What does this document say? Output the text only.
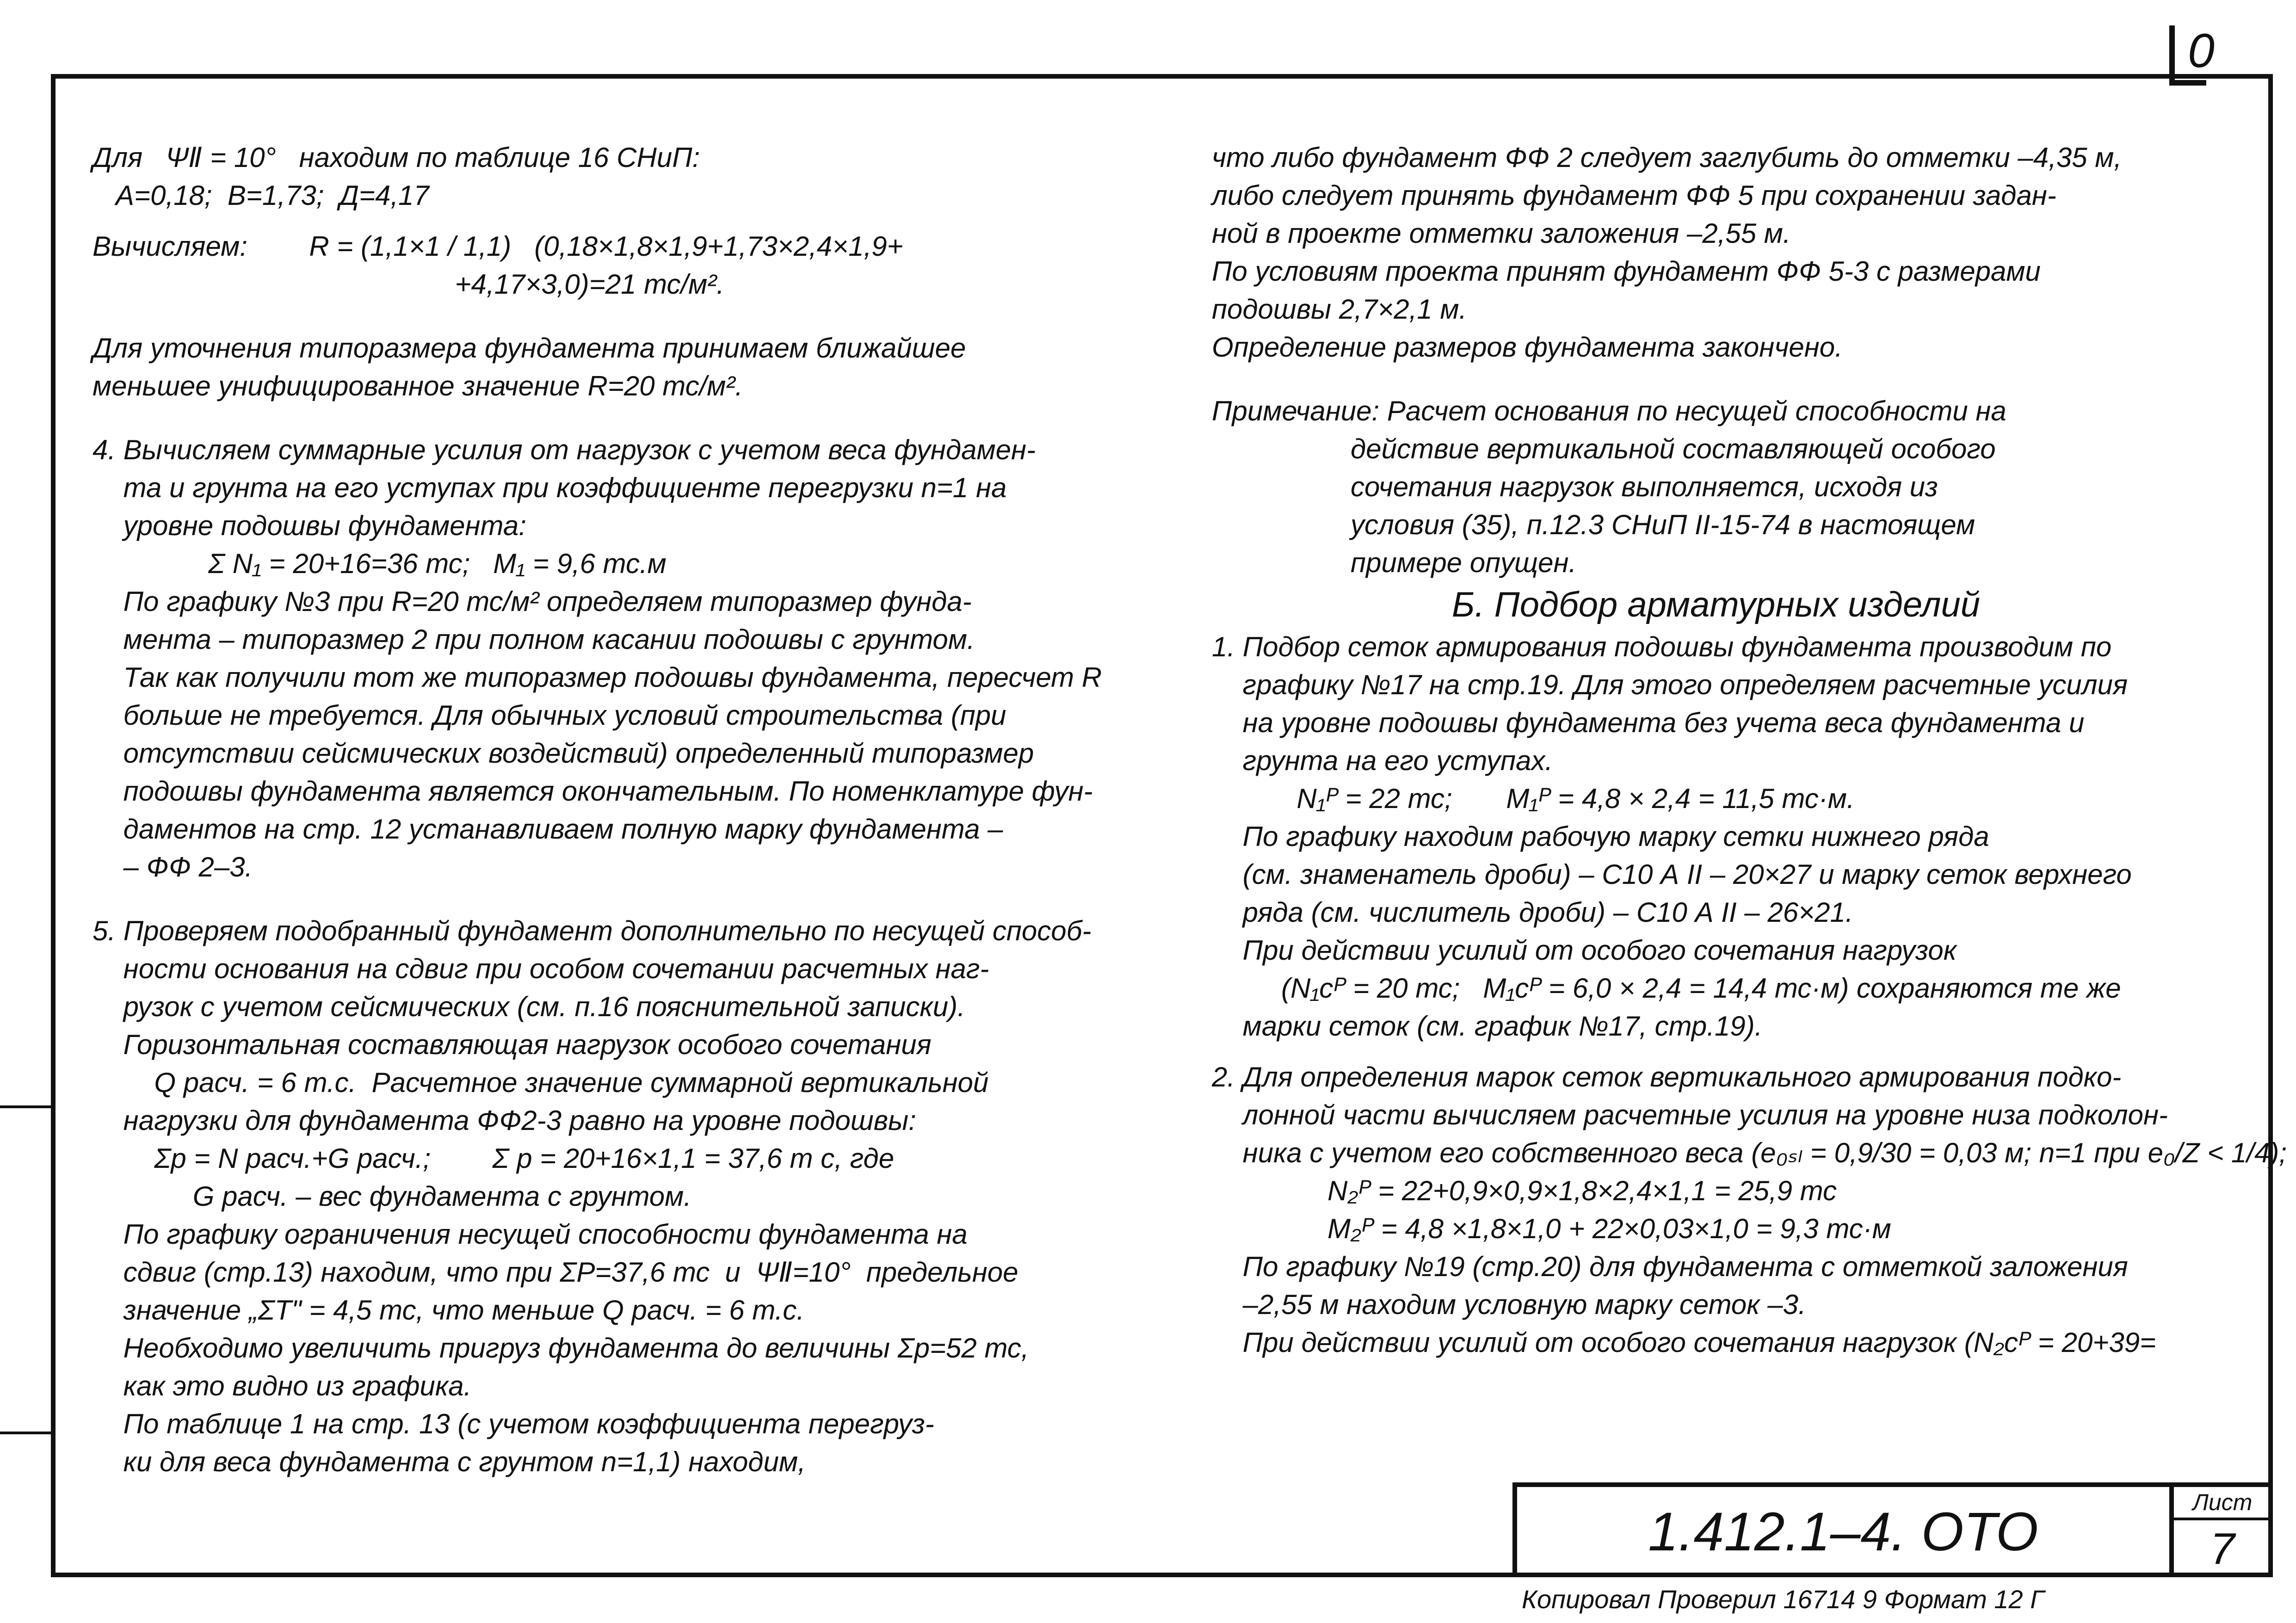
0
Для   ΨⅡ = 10°   находим по таблице 16 СНиП:
А=0,18;  В=1,73;  Д=4,17
Вычисляем:        R = (1,1×1 / 1,1)   (0,18×1,8×1,9+1,73×2,4×1,9+
+4,17×3,0)=21 тс/м².
Для уточнения типоразмера фундамента принимаем ближайшее
меньшее унифицированное значение R=20 тс/м².
4. Вычисляем суммарные усилия от нагрузок с учетом веса фундамен-
та и грунта на его уступах при коэффициенте перегрузки n=1 на
уровне подошвы фундамента:
Σ N₁ = 20+16=36 тс;   M₁ = 9,6 тс.м
По графику №3 при R=20 тс/м² определяем типоразмер фунда-
мента – типоразмер 2 при полном касании подошвы с грунтом.
Так как получили тот же типоразмер подошвы фундамента, пересчет R
больше не требуется. Для обычных условий строительства (при
отсутствии сейсмических воздействий) определенный типоразмер
подошвы фундамента является окончательным. По номенклатуре фун-
даментов на стр. 12 устанавливаем полную марку фундамента –
– ФФ 2–3.
5. Проверяем подобранный фундамент дополнительно по несущей способ-
ности основания на сдвиг при особом сочетании расчетных наг-
рузок с учетом сейсмических (см. п.16 пояснительной записки).
Горизонтальная составляющая нагрузок особого сочетания
Q расч. = 6 т.с.  Расчетное значение суммарной вертикальной
нагрузки для фундамента ФФ2-3 равно на уровне подошвы:
Σp = N расч.+G расч.;        Σ p = 20+16×1,1 = 37,6 т с, где
G расч. – вес фундамента с грунтом.
По графику ограничения несущей способности фундамента на
сдвиг (стр.13) находим, что при ΣP=37,6 тс  и  ΨⅡ=10°  предельное
значение „ΣT" = 4,5 тс, что меньше Q расч. = 6 т.с.
Необходимо увеличить пригруз фундамента до величины Σp=52 тс,
как это видно из графика.
По таблице 1 на стр. 13 (с учетом коэффициента перегруз-
ки для веса фундамента с грунтом n=1,1) находим,
что либо фундамент ФФ 2 следует заглубить до отметки –4,35 м,
либо следует принять фундамент ФФ 5 при сохранении задан-
ной в проекте отметки заложения –2,55 м.
По условиям проекта принят фундамент ФФ 5-3 с размерами
подошвы 2,7×2,1 м.
Определение размеров фундамента закончено.
Примечание: Расчет основания по несущей способности на
действие вертикальной составляющей особого
сочетания нагрузок выполняется, исходя из
условия (35), п.12.3 СНиП II-15-74 в настоящем
примере опущен.
Б. Подбор арматурных изделий
1. Подбор сеток армирования подошвы фундамента производим по
графику №17 на стр.19. Для этого определяем расчетные усилия
на уровне подошвы фундамента без учета веса фундамента и
грунта на его уступах.
N₁ᴾ = 22 тс;       M₁ᴾ = 4,8 × 2,4 = 11,5 тс·м.
По графику находим рабочую марку сетки нижнего ряда
(см. знаменатель дроби) – С10 А II – 20×27 и марку сеток верхнего
ряда (см. числитель дроби) – С10 А II – 26×21.
При действии усилий от особого сочетания нагрузок
(N₁cᴾ = 20 тс;   M₁cᴾ = 6,0 × 2,4 = 14,4 тс·м) сохраняются те же
марки сеток (см. график №17, стр.19).
2. Для определения марок сеток вертикального армирования подко-
лонной части вычисляем расчетные усилия на уровне низа подколон-
ника с учетом его собственного веса (e₀ₛₗ = 0,9/30 = 0,03 м; n=1 при e₀/Z < 1/4);
N₂ᴾ = 22+0,9×0,9×1,8×2,4×1,1 = 25,9 тс
M₂ᴾ = 4,8 ×1,8×1,0 + 22×0,03×1,0 = 9,3 тс·м
По графику №19 (стр.20) для фундамента с отметкой заложения
–2,55 м находим условную марку сеток –3.
При действии усилий от особого сочетания нагрузок (N₂cᴾ = 20+39=
1.412.1–4. ОТО	Лист
7
Копировал Проверил 16714 9 Формат 12 Г
